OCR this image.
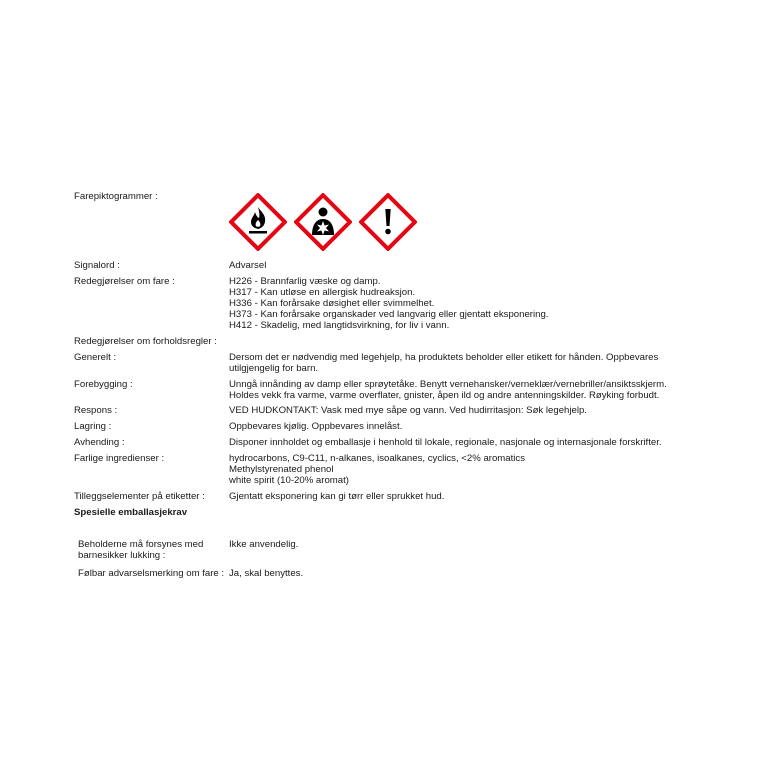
Farepiktogrammer :
Signalord :	Advarsel
Redegjørelser om fare :	H226 - Brannfarlig væske og damp.
H317 - Kan utløse en allergisk hudreaksjon.
H336 - Kan forårsake døsighet eller svimmelhet.
H373 - Kan forårsake organskader ved langvarig eller gjentatt eksponering.
H412 - Skadelig, med langtidsvirkning, for liv i vann.
Redegjørelser om forholdsregler :
Generelt :	Dersom det er nødvendig med legehjelp, ha produktets beholder eller etikett for hånden. Oppbevares
utilgjengelig for barn.
Forebygging :	Unngå innånding av damp eller sprøytetåke. Benytt vernehansker/verneklær/vernebriller/ansiktsskjerm.
Holdes vekk fra varme, varme overflater, gnister, åpen ild og andre antenningskilder. Røyking forbudt.
Respons :	VED HUDKONTAKT: Vask med mye såpe og vann. Ved hudirritasjon: Søk legehjelp.
Lagring :	Oppbevares kjølig. Oppbevares innelåst.
Avhending :	Disponer innholdet og emballasje i henhold til lokale, regionale, nasjonale og internasjonale forskrifter.
Farlige ingredienser :	hydrocarbons, C9-C11, n-alkanes, isoalkanes, cyclics, <2% aromatics
Methylstyrenated phenol
white spirit (10-20% aromat)
Tilleggselementer på etiketter :	Gjentatt eksponering kan gi tørr eller sprukket hud.
Spesielle emballasjekrav
Beholderne må forsynes med
barnesikker lukking :
Ikke anvendelig.
Følbar advarselsmerking om fare : Ja, skal benyttes.
